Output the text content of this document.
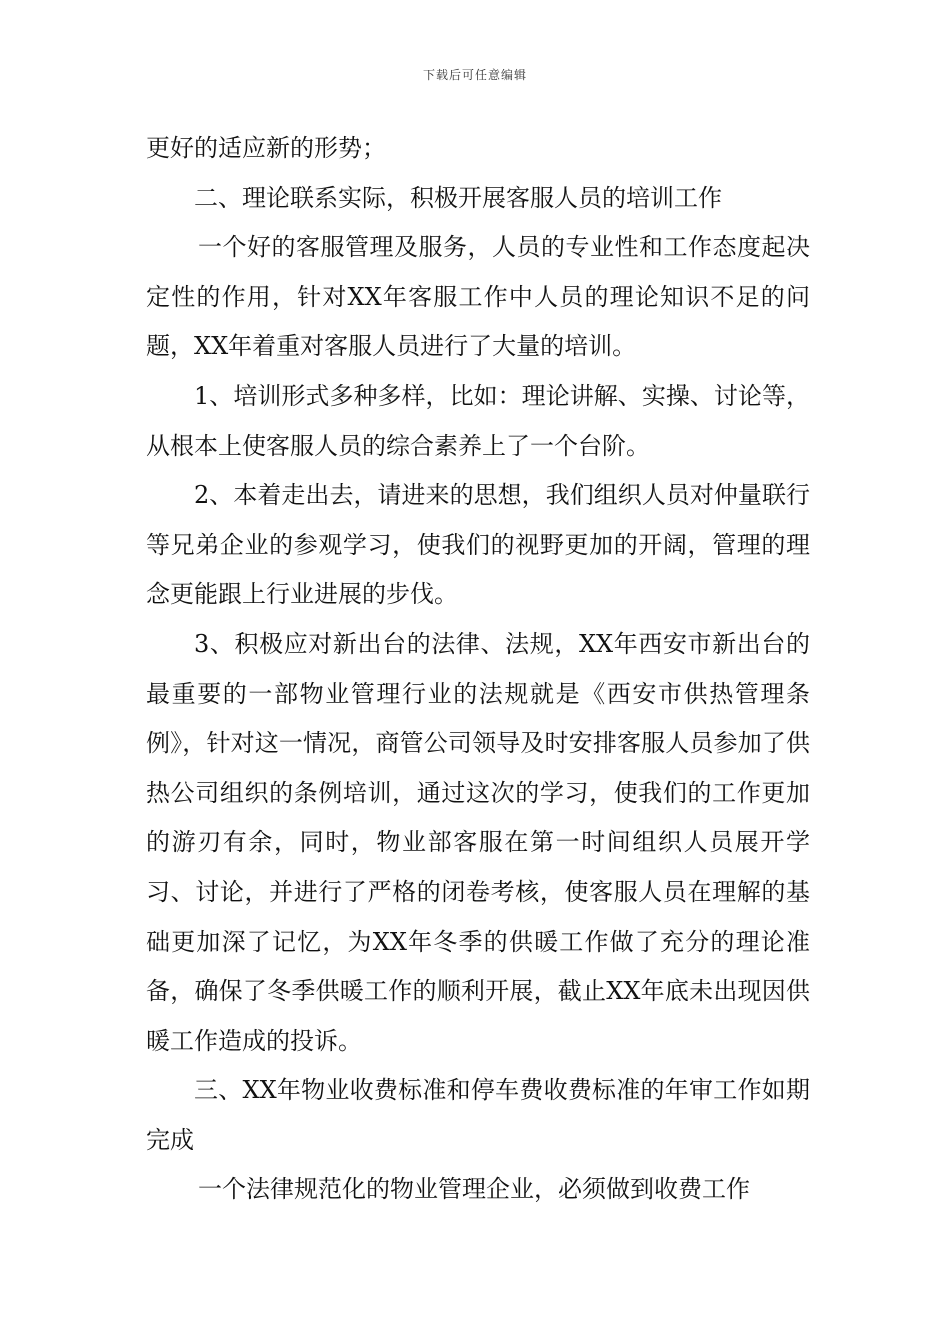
下载后可任意编辑

更好的适应新的形势；

二、理论联系实际，积极开展客服人员的培训工作

一个好的客服管理及服务，人员的专业性和工作态度起决定性的作用，针对XX年客服工作中人员的理论知识不足的问题，XX年着重对客服人员进行了大量的培训。

1、培训形式多种多样，比如：理论讲解、实操、讨论等，从根本上使客服人员的综合素养上了一个台阶。

2、本着走出去，请进来的思想，我们组织人员对仲量联行等兄弟企业的参观学习，使我们的视野更加的开阔，管理的理念更能跟上行业进展的步伐。

3、积极应对新出台的法律、法规，XX年西安市新出台的最重要的一部物业管理行业的法规就是《西安市供热管理条例》，针对这一情况，商管公司领导及时安排客服人员参加了供热公司组织的条例培训，通过这次的学习，使我们的工作更加的游刃有余，同时，物业部客服在第一时间组织人员展开学习、讨论，并进行了严格的闭卷考核，使客服人员在理解的基础更加深了记忆，为XX年冬季的供暖工作做了充分的理论准备，确保了冬季供暖工作的顺利开展，截止XX年底未出现因供暖工作造成的投诉。

三、XX年物业收费标准和停车费收费标准的年审工作如期完成

一个法律规范化的物业管理企业，必须做到收费工作
